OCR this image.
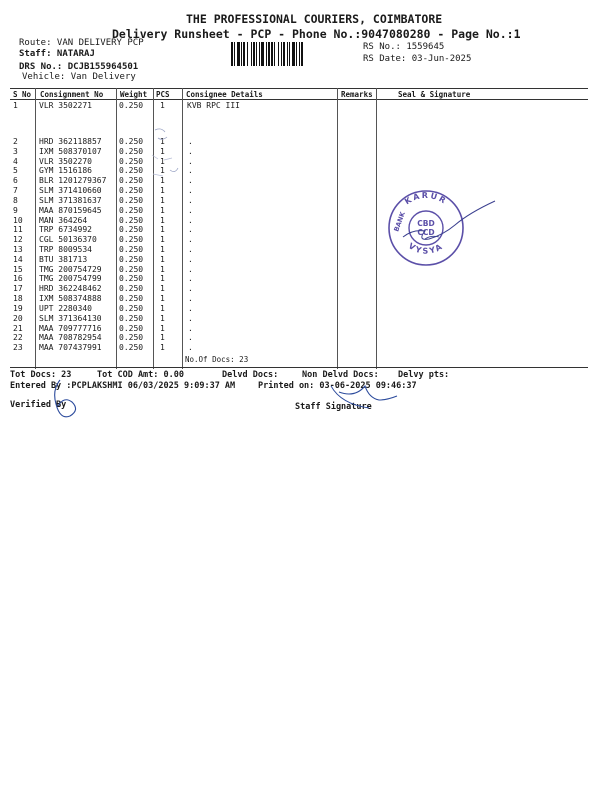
THE PROFESSIONAL COURIERS, COIMBATORE
Delivery Runsheet - PCP - Phone No.:9047080280 - Page No.:1
Route: VAN DELIVERY PCP
Staff: NATARAJ
DRS No.: DCJB155964501
Vehicle: Van Delivery
RS No.: 1559645
RS Date: 03-Jun-2025
S No Consignment No Weight PCS Consignee Details	Remarks	Seal & Signature
1	VLR 3502271	0.250 1	KVB RPC III
2	HRD 362118857 0.250 1	.
3	IXM 508370107 0.250 1	.
4	VLR 3502270	0.250 1	.
5	GYM 1516186	0.250 1	.
6	BLR 1201279367 0.250 1	.
7	SLM 371410660 0.250 1	.
8	SLM 371381637 0.250 1	.
9	MAA 870159645 0.250 1	.
10 MAN 364264	0.250 1	.
11 TRP 6734992	0.250 1	.
12 CGL 50136370	0.250 1	.
13 TRP 8009534	0.250 1	.
14 BTU 381713	0.250 1	.
15 TMG 200754729 0.250 1	.
16 TMG 200754799 0.250 1	.
17 HRD 362248462 0.250 1	.
18 IXM 508374888 0.250 1	.
19 UPT 2280340	0.250 1	.
20 SLM 371364130 0.250 1	.
21 MAA 709777716 0.250 1	.
22 MAA 708782954 0.250 1	.
23 MAA 707437991 0.250 1	.
No.Of Docs: 23
KARUR
VYSYA
BANK CBD
CCD
Tot Docs: 23	Tot COD Amt: 0.00	Delvd Docs:	Non Delvd Docs: Delvy pts:
Entered By :PCPLAKSHMI 06/03/2025 9:09:37 AM	Printed on: 03-06-2025 09:46:37
Verified By	Staff Signature
